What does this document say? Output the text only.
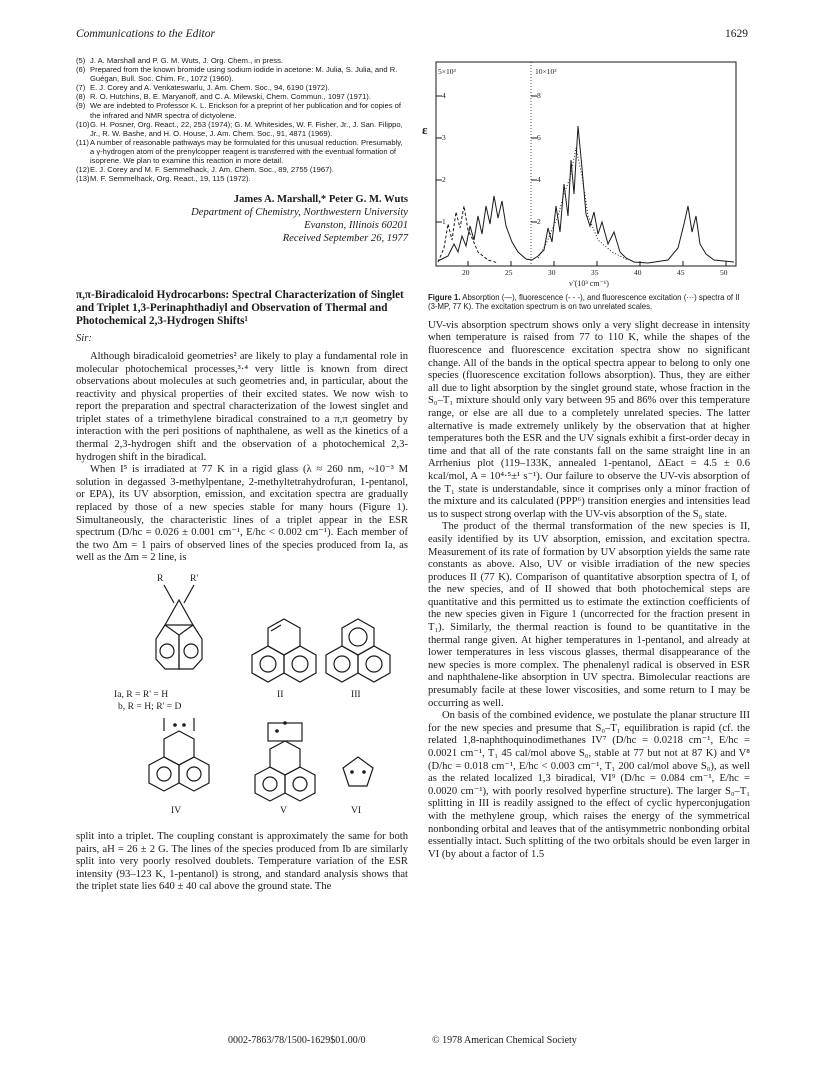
Communications to the Editor	1629
(5) J. A. Marshall and P. G. M. Wuts, J. Org. Chem., in press.
(6) Prepared from the known bromide using sodium iodide in acetone: M. Julia, S. Julia, and R. Guégan, Bull. Soc. Chim. Fr., 1072 (1960).
(7) E. J. Corey and A. Venkateswarlu, J. Am. Chem. Soc., 94, 6190 (1972).
(8) R. O. Hutchins, B. E. Maryanoff, and C. A. Milewski, Chem. Commun., 1097 (1971).
(9) We are indebted to Professor K. L. Erickson for a preprint of her publication and for copies of the infrared and NMR spectra of dictyolene.
(10) G. H. Posner, Org. React., 22, 253 (1974); G. M. Whitesides, W. F. Fisher, Jr., J. San. Filippo, Jr., R. W. Bashe, and H. O. House, J. Am. Chem. Soc., 91, 4871 (1969).
(11) A number of reasonable pathways may be formulated for this unusual reduction. Presumably, a γ-hydrogen atom of the prenylcopper reagent is transferred with the eventual formation of isoprene. We plan to examine this reaction in more detail.
(12) E. J. Corey and M. F. Semmelhack, J. Am. Chem. Soc., 89, 2755 (1967).
(13) M. F. Semmelhack, Org. React., 19, 115 (1972).
James A. Marshall,* Peter G. M. Wuts
Department of Chemistry, Northwestern University
Evanston, Illinois 60201
Received September 26, 1977
π,π-Biradicaloid Hydrocarbons: Spectral Characterization of Singlet and Triplet 1,3-Perinaphthadiyl and Observation of Thermal and Photochemical 2,3-Hydrogen Shifts¹
Sir:

Although biradicaloid geometries² are likely to play a fundamental role in molecular photochemical processes,³·⁴ very little is known from direct observations about molecules at such geometries and, in particular, about the reactivity and physical properties of their excited states. We now wish to report the preparation and spectral characterization of the lowest singlet and triplet states of a trimethylene biradical constrained to a π,π geometry by interaction with the peri positions of naphthalene, as well as the kinetics of a thermal 2,3-hydrogen shift and the observation of a photochemical 2,3-hydrogen shift in the biradical.

When I⁵ is irradiated at 77 K in a rigid glass (λ ≈ 260 nm, ~10⁻³ M solution in degassed 3-methylpentane, 2-methyltetrahydrofuran, 1-pentanol, or EPA), its UV absorption, emission, and excitation spectra are gradually replaced by those of a new species stable for many hours (Figure 1). Simultaneously, the characteristic lines of a triplet appear in the ESR spectrum (D/hc = 0.026 ± 0.001 cm⁻¹, E/hc < 0.002 cm⁻¹). Each member of the two Δm = 1 pairs of observed lines of the species produced from Ia, as well as the Δm = 2 line, is

R	R'
Ia, R = R' = H
b, R = H; R' = D
II	III
IV	V	VI

split into a triplet. The coupling constant is approximately the same for both pairs, aH = 26 ± 2 G. The lines of the species produced from Ib are similarly split into very poorly resolved doublets. Temperature variation of the ESR intensity (93–123 K, 1-pentanol) is strong, and standard analysis shows that the triplet state lies 640 ± 40 cal above the ground state. The

5×10³	10×10³
ε
4
3
2
1
8
6
4
2
20	25	30	35	40	45	50
ν̃ (10³ cm⁻¹)
Figure 1. Absorption (—), fluorescence (- - -), and fluorescence excitation (···) spectra of II (3-MP, 77 K). The excitation spectrum is on two unrelated scales.

UV-vis absorption spectrum shows only a very slight decrease in intensity when temperature is raised from 77 to 110 K, while the shapes of the fluorescence and fluorescence excitation spectra show no significant change. All of the bands in the optical spectra appear to belong to only one species (fluorescence excitation follows absorption). Thus, they are either all due to light absorption by the singlet ground state, whose fraction in the S₀–T₁ mixture should only vary between 95 and 86% over this temperature range, or else are all due to a completely unrelated species. The latter alternative is made extremely unlikely by the observation that at higher temperatures both the ESR and the UV signals exhibit a first-order decay in time and that all of the rate constants fall on the same straight line in an Arrhenius plot (119–133K, annealed 1-pentanol, ΔEact = 4.5 ± 0.6 kcal/mol, A = 10⁴·⁵±¹ s⁻¹). Our failure to observe the UV-vis absorption of the T₁ state is understandable, since it comprises only a minor fraction of the mixture and its calculated (PPP⁶) transition energies and intensities lead us to suspect strong overlap with the UV-vis absorption of the S₀ state.

The product of the thermal transformation of the new species is II, easily identified by its UV absorption, emission, and excitation spectra. Measurement of its rate of formation by UV absorption yields the same rate constants as above. Also, UV or visible irradiation of the new species produces II (77 K). Comparison of quantitative absorption spectra of I, of the new species, and of II showed that both photochemical steps are quantitative and this permitted us to estimate the extinction coefficients of the new species given in Figure 1 (uncorrected for the fraction present in T₁). Similarly, the thermal reaction is found to be quantitative in the thermal range given. At higher temperatures in 1-pentanol, and already at lower temperatures in less viscous glasses, thermal disappearance of the new species is more complex. The phenalenyl radical is observed in ESR and naphthalene-like absorption in UV spectra. Bimolecular reactions are presumably facile at these lower viscosities, and some return to I may be occurring as well.

On basis of the combined evidence, we postulate the planar structure III for the new species and presume that S₀–T₁ equilibration is rapid (cf. the related 1,8-naphthoquinodimethanes IV⁷ (D/hc = 0.0218 cm⁻¹, E/hc = 0.0021 cm⁻¹, T₁ 45 cal/mol above S₀, stable at 77 but not at 87 K) and V⁸ (D/hc = 0.018 cm⁻¹, E/hc < 0.003 cm⁻¹, T₁ 200 cal/mol above S₀), as well as the related localized 1,3 biradical, VI⁹ (D/hc = 0.084 cm⁻¹, E/hc = 0.0020 cm⁻¹), with poorly resolved hyperfine structure). The larger S₀–T₁ splitting in III is readily assigned to the effect of cyclic hyperconjugation with the methylene group, which raises the energy of the symmetrical nonbonding orbital and leaves that of the antisymmetric nonbonding orbital essentially intact. Such splitting of the two orbitals should be even larger in VI (by about a factor of 1.5

0002-7863/78/1500-1629$01.00/0	© 1978 American Chemical Society
